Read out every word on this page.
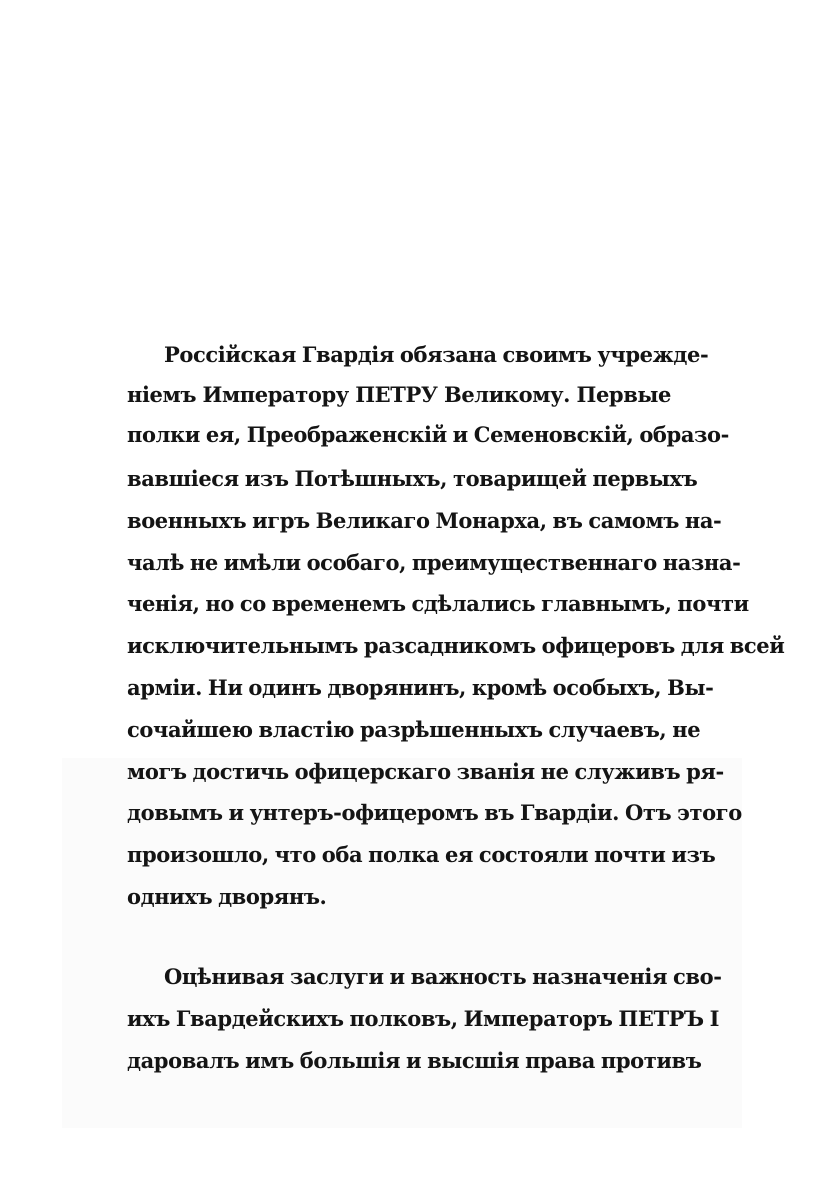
Россійская Гвардія обязана своимъ учрежде-
ніемъ Императору ПЕТРУ Великому. Первые
полки ея, Преображенскій и Семеновскій, образо-
вавшіеся изъ Потѣшныхъ, товарищей первыхъ
военныхъ игръ Великаго Монарха, въ самомъ на-
чалѣ не имѣли особаго, преимущественнаго назна-
ченія, но со временемъ сдѣлались главнымъ, почти
исключительнымъ разсадникомъ офицеровъ для всей
арміи. Ни одинъ дворянинъ, кромѣ особыхъ, Вы-
сочайшею властію разрѣшенныхъ случаевъ, не
могъ достичь офицерскаго званія не служивъ ря-
довымъ и унтеръ-офицеромъ въ Гвардіи. Отъ этого
произошло, что оба полка ея состояли почти изъ
однихъ дворянъ.
Оцѣнивая заслуги и важность назначенія сво-
ихъ Гвардейскихъ полковъ, Императоръ ПЕТРЪ I
даровалъ имъ большія и высшія права противъ
